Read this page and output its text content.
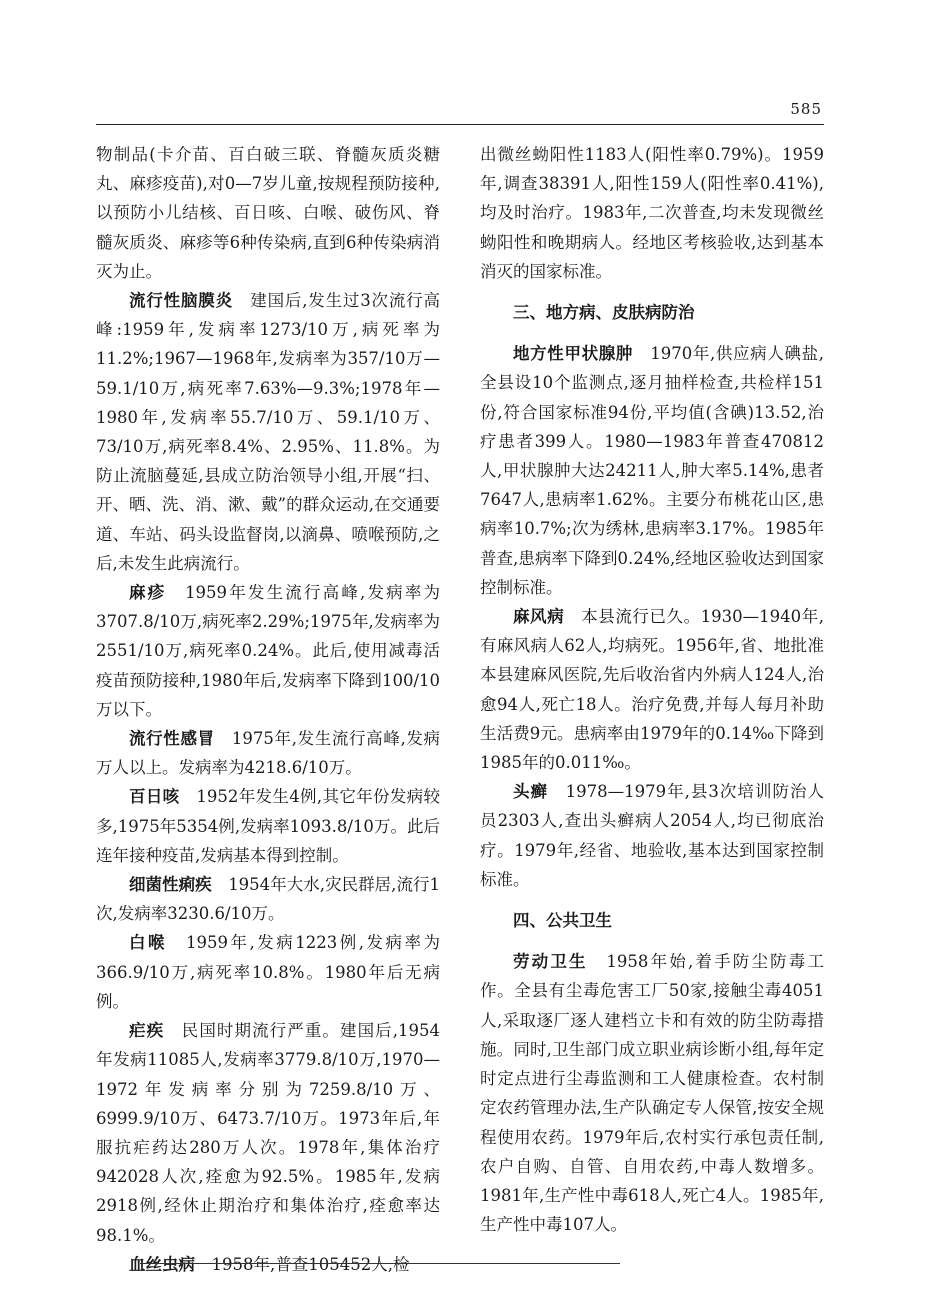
585

物制品(卡介苗、百白破三联、脊髓灰质炎糖丸、麻疹疫苗),对0—7岁儿童,按规程预防接种,以预防小儿结核、百日咳、白喉、破伤风、脊髓灰质炎、麻疹等6种传染病,直到6种传染病消灭为止。

流行性脑膜炎　 建国后,发生过3次流行高峰:1959年,发病率1273/10万,病死率为11.2%;1967—1968年,发病率为357/10万—59.1/10万,病死率7.63%—9.3%;1978年—1980年,发病率55.7/10万、59.1/10万、73/10万,病死率8.4%、2.95%、11.8%。为防止流脑蔓延,县成立防治领导小组,开展“扫、开、晒、洗、消、漱、戴”的群众运动,在交通要道、车站、码头设监督岗,以滴鼻、喷喉预防,之后,未发生此病流行。

麻疹　 1959年发生流行高峰,发病率为3707.8/10万,病死率2.29%;1975年,发病率为2551/10万,病死率0.24%。此后,使用减毒活疫苗预防接种,1980年后,发病率下降到100/10万以下。

流行性感冒　 1975年,发生流行高峰,发病万人以上。发病率为4218.6/10万。

百日咳　 1952年发生4例,其它年份发病较多,1975年5354例,发病率1093.8/10万。此后连年接种疫苗,发病基本得到控制。

细菌性痢疾　 1954年大水,灾民群居,流行1次,发病率3230.6/10万。

白喉　 1959年,发病1223例,发病率为366.9/10万,病死率10.8%。1980年后无病例。

疟疾　 民国时期流行严重。建国后,1954年发病11085人,发病率3779.8/10万,1970—1972年发病率分别为7259.8/10万、6999.9/10万、6473.7/10万。1973年后,年服抗疟药达280万人次。1978年,集体治疗942028人次,痊愈为92.5%。1985年,发病2918例,经休止期治疗和集体治疗,痊愈率达98.1%。

血丝虫病　 1958年,普查105452人,检

出微丝蚴阳性1183人(阳性率0.79%)。1959年,调查38391人,阳性159人(阳性率0.41%),均及时治疗。1983年,二次普查,均未发现微丝蚴阳性和晚期病人。经地区考核验收,达到基本消灭的国家标准。

三、地方病、皮肤病防治

地方性甲状腺肿　 1970年,供应病人碘盐,全县设10个监测点,逐月抽样检查,共检样151份,符合国家标准94份,平均值(含碘)13.52,治疗患者399人。1980—1983年普查470812人,甲状腺肿大达24211人,肿大率5.14%,患者7647人,患病率1.62%。主要分布桃花山区,患病率10.7%;次为绣林,患病率3.17%。1985年普查,患病率下降到0.24%,经地区验收达到国家控制标准。

麻风病　 本县流行已久。1930—1940年,有麻风病人62人,均病死。1956年,省、地批准本县建麻风医院,先后收治省内外病人124人,治愈94人,死亡18人。治疗免费,并每人每月补助生活费9元。患病率由1979年的0.14‰下降到1985年的0.011‰。

头癣　 1978—1979年,县3次培训防治人员2303人,查出头癣病人2054人,均已彻底治疗。1979年,经省、地验收,基本达到国家控制标准。

四、公共卫生

劳动卫生　 1958年始,着手防尘防毒工作。全县有尘毒危害工厂50家,接触尘毒4051人,采取逐厂逐人建档立卡和有效的防尘防毒措施。同时,卫生部门成立职业病诊断小组,每年定时定点进行尘毒监测和工人健康检查。农村制定农药管理办法,生产队确定专人保管,按安全规程使用农药。1979年后,农村实行承包责任制,农户自购、自管、自用农药,中毒人数增多。1981年,生产性中毒618人,死亡4人。1985年,生产性中毒107人。
